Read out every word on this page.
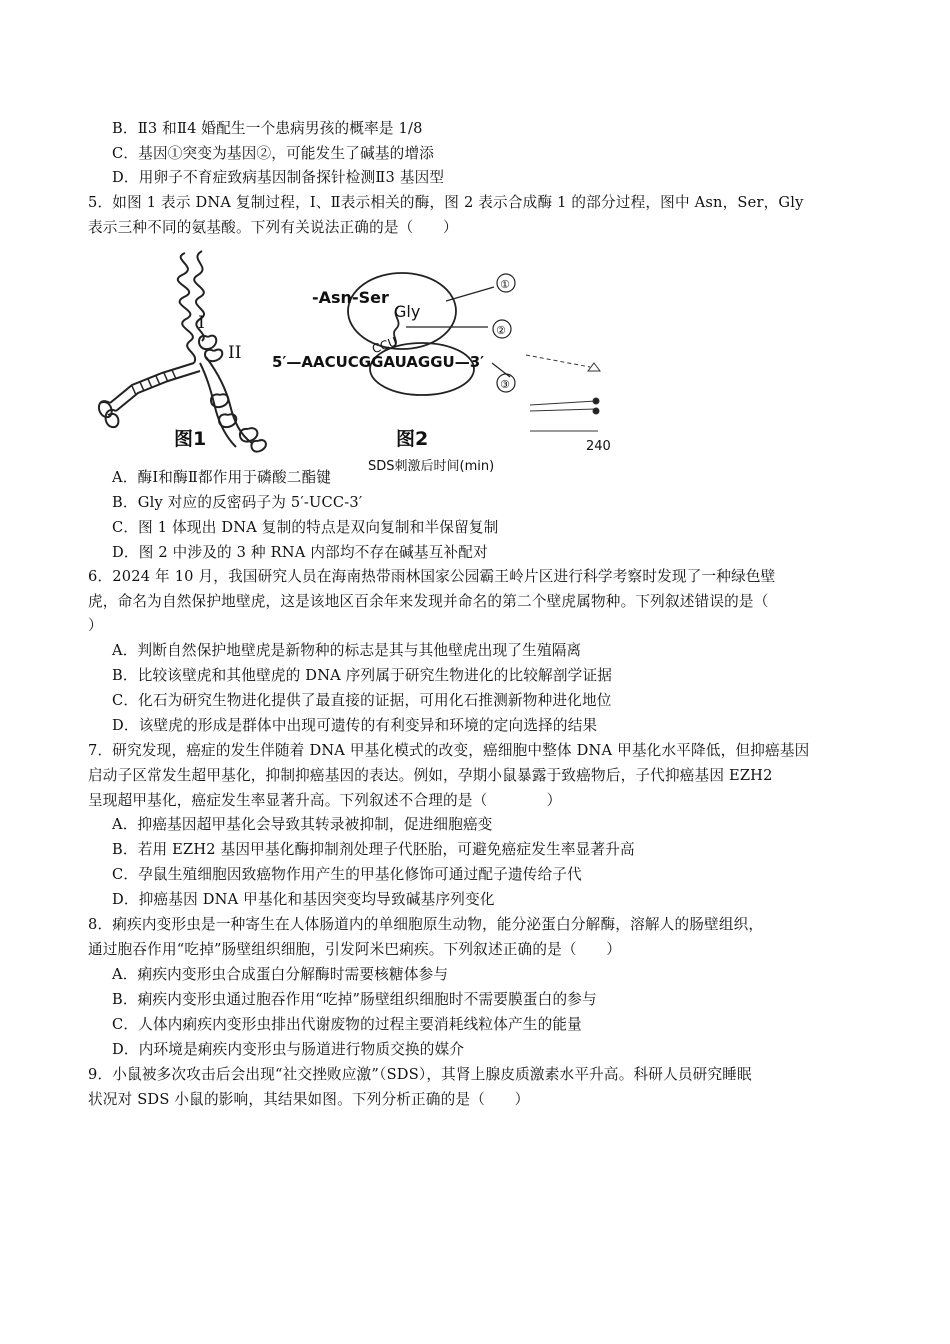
B．Ⅱ3 和Ⅱ4 婚配生一个患病男孩的概率是 1/8
C．基因①突变为基因②，可能发生了碱基的增添
D．用卵子不育症致病基因制备探针检测Ⅱ3 基因型
5．如图 1 表示 DNA 复制过程，Ⅰ、Ⅱ表示相关的酶，图 2 表示合成酶 1 的部分过程，图中 Asn，Ser，Gly
表示三种不同的氨基酸。下列有关说法正确的是（　　）
I
II
图1
-Asn-Ser
Gly
CCU
5′—AACUCGGAUAGGU—3′
①
②
③
图2	240
SDS刺激后时间(min)
A．酶Ⅰ和酶Ⅱ都作用于磷酸二酯键
B．Gly 对应的反密码子为 5′-UCC-3′
C．图 1 体现出 DNA 复制的特点是双向复制和半保留复制
D．图 2 中涉及的 3 种 RNA 内部均不存在碱基互补配对
6．2024 年 10 月，我国研究人员在海南热带雨林国家公园霸王岭片区进行科学考察时发现了一种绿色壁
虎，命名为自然保护地壁虎，这是该地区百余年来发现并命名的第二个壁虎属物种。下列叙述错误的是（
）
A．判断自然保护地壁虎是新物种的标志是其与其他壁虎出现了生殖隔离
B．比较该壁虎和其他壁虎的 DNA 序列属于研究生物进化的比较解剖学证据
C．化石为研究生物进化提供了最直接的证据，可用化石推测新物种进化地位
D．该壁虎的形成是群体中出现可遗传的有利变异和环境的定向选择的结果
7．研究发现，癌症的发生伴随着 DNA 甲基化模式的改变，癌细胞中整体 DNA 甲基化水平降低，但抑癌基因
启动子区常发生超甲基化，抑制抑癌基因的表达。例如，孕期小鼠暴露于致癌物后，子代抑癌基因 EZH2
呈现超甲基化，癌症发生率显著升高。下列叙述不合理的是（　　　　）
A．抑癌基因超甲基化会导致其转录被抑制，促进细胞癌变
B．若用 EZH2 基因甲基化酶抑制剂处理子代胚胎，可避免癌症发生率显著升高
C．孕鼠生殖细胞因致癌物作用产生的甲基化修饰可通过配子遗传给子代
D．抑癌基因 DNA 甲基化和基因突变均导致碱基序列变化
8．痢疾内变形虫是一种寄生在人体肠道内的单细胞原生动物，能分泌蛋白分解酶，溶解人的肠壁组织，
通过胞吞作用“吃掉”肠壁组织细胞，引发阿米巴痢疾。下列叙述正确的是（　　）
A．痢疾内变形虫合成蛋白分解酶时需要核糖体参与
B．痢疾内变形虫通过胞吞作用“吃掉”肠壁组织细胞时不需要膜蛋白的参与
C．人体内痢疾内变形虫排出代谢废物的过程主要消耗线粒体产生的能量
D．内环境是痢疾内变形虫与肠道进行物质交换的媒介
9．小鼠被多次攻击后会出现“社交挫败应激”（SDS），其肾上腺皮质激素水平升高。科研人员研究睡眠
状况对 SDS 小鼠的影响，其结果如图。下列分析正确的是（　　）
